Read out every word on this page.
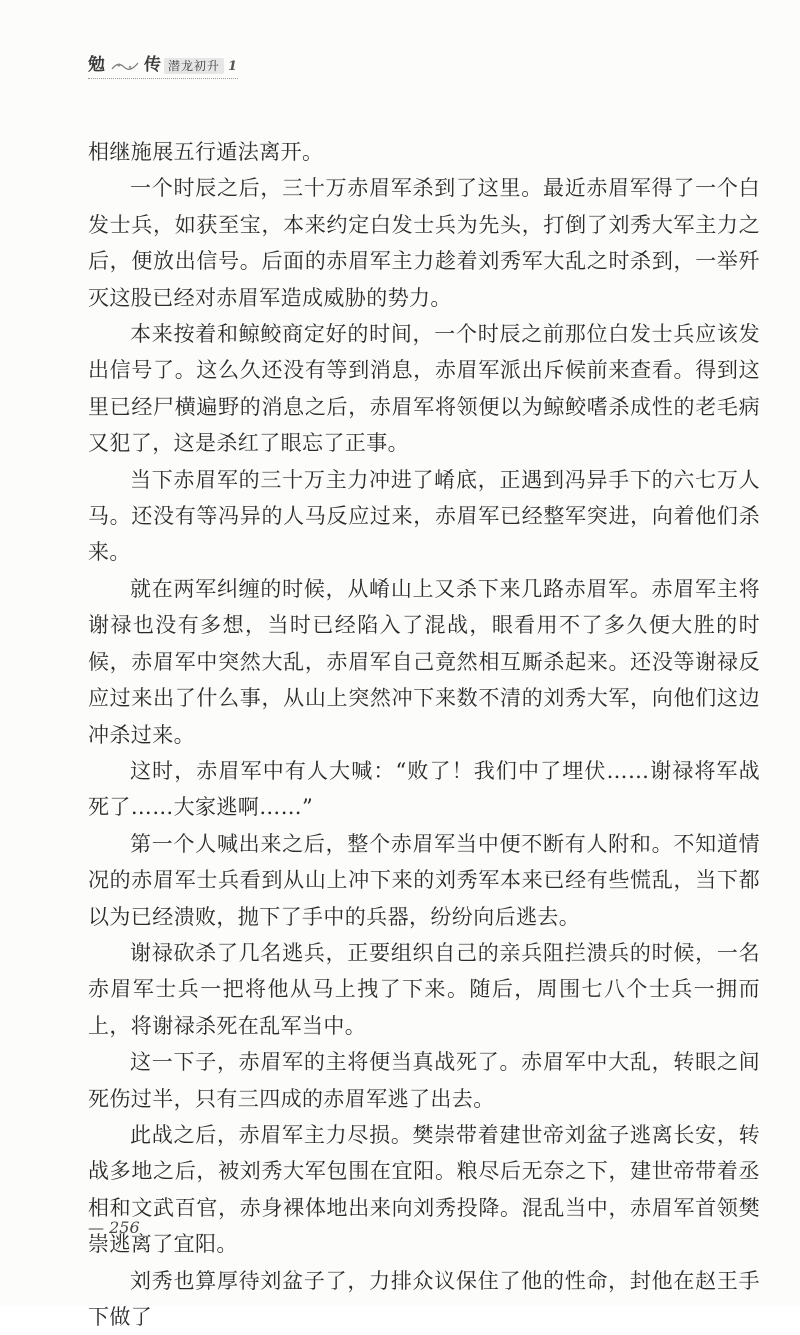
勉 传 潜龙初升 1

相继施展五行遁法离开。

一个时辰之后，三十万赤眉军杀到了这里。最近赤眉军得了一个白发士兵，如获至宝，本来约定白发士兵为先头，打倒了刘秀大军主力之后，便放出信号。后面的赤眉军主力趁着刘秀军大乱之时杀到，一举歼灭这股已经对赤眉军造成威胁的势力。

本来按着和鲸鲛商定好的时间，一个时辰之前那位白发士兵应该发出信号了。这么久还没有等到消息，赤眉军派出斥候前来查看。得到这里已经尸横遍野的消息之后，赤眉军将领便以为鲸鲛嗜杀成性的老毛病又犯了，这是杀红了眼忘了正事。

当下赤眉军的三十万主力冲进了崤底，正遇到冯异手下的六七万人马。还没有等冯异的人马反应过来，赤眉军已经整军突进，向着他们杀来。

就在两军纠缠的时候，从崤山上又杀下来几路赤眉军。赤眉军主将谢禄也没有多想，当时已经陷入了混战，眼看用不了多久便大胜的时候，赤眉军中突然大乱，赤眉军自己竟然相互厮杀起来。还没等谢禄反应过来出了什么事，从山上突然冲下来数不清的刘秀大军，向他们这边冲杀过来。

这时，赤眉军中有人大喊：“败了！我们中了埋伏……谢禄将军战死了……大家逃啊……”

第一个人喊出来之后，整个赤眉军当中便不断有人附和。不知道情况的赤眉军士兵看到从山上冲下来的刘秀军本来已经有些慌乱，当下都以为已经溃败，抛下了手中的兵器，纷纷向后逃去。

谢禄砍杀了几名逃兵，正要组织自己的亲兵阻拦溃兵的时候，一名赤眉军士兵一把将他从马上拽了下来。随后，周围七八个士兵一拥而上，将谢禄杀死在乱军当中。

这一下子，赤眉军的主将便当真战死了。赤眉军中大乱，转眼之间死伤过半，只有三四成的赤眉军逃了出去。

此战之后，赤眉军主力尽损。樊崇带着建世帝刘盆子逃离长安，转战多地之后，被刘秀大军包围在宜阳。粮尽后无奈之下，建世帝带着丞相和文武百官，赤身裸体地出来向刘秀投降。混乱当中，赤眉军首领樊崇逃离了宜阳。

刘秀也算厚待刘盆子了，力排众议保住了他的性命，封他在赵王手下做了

— 256
